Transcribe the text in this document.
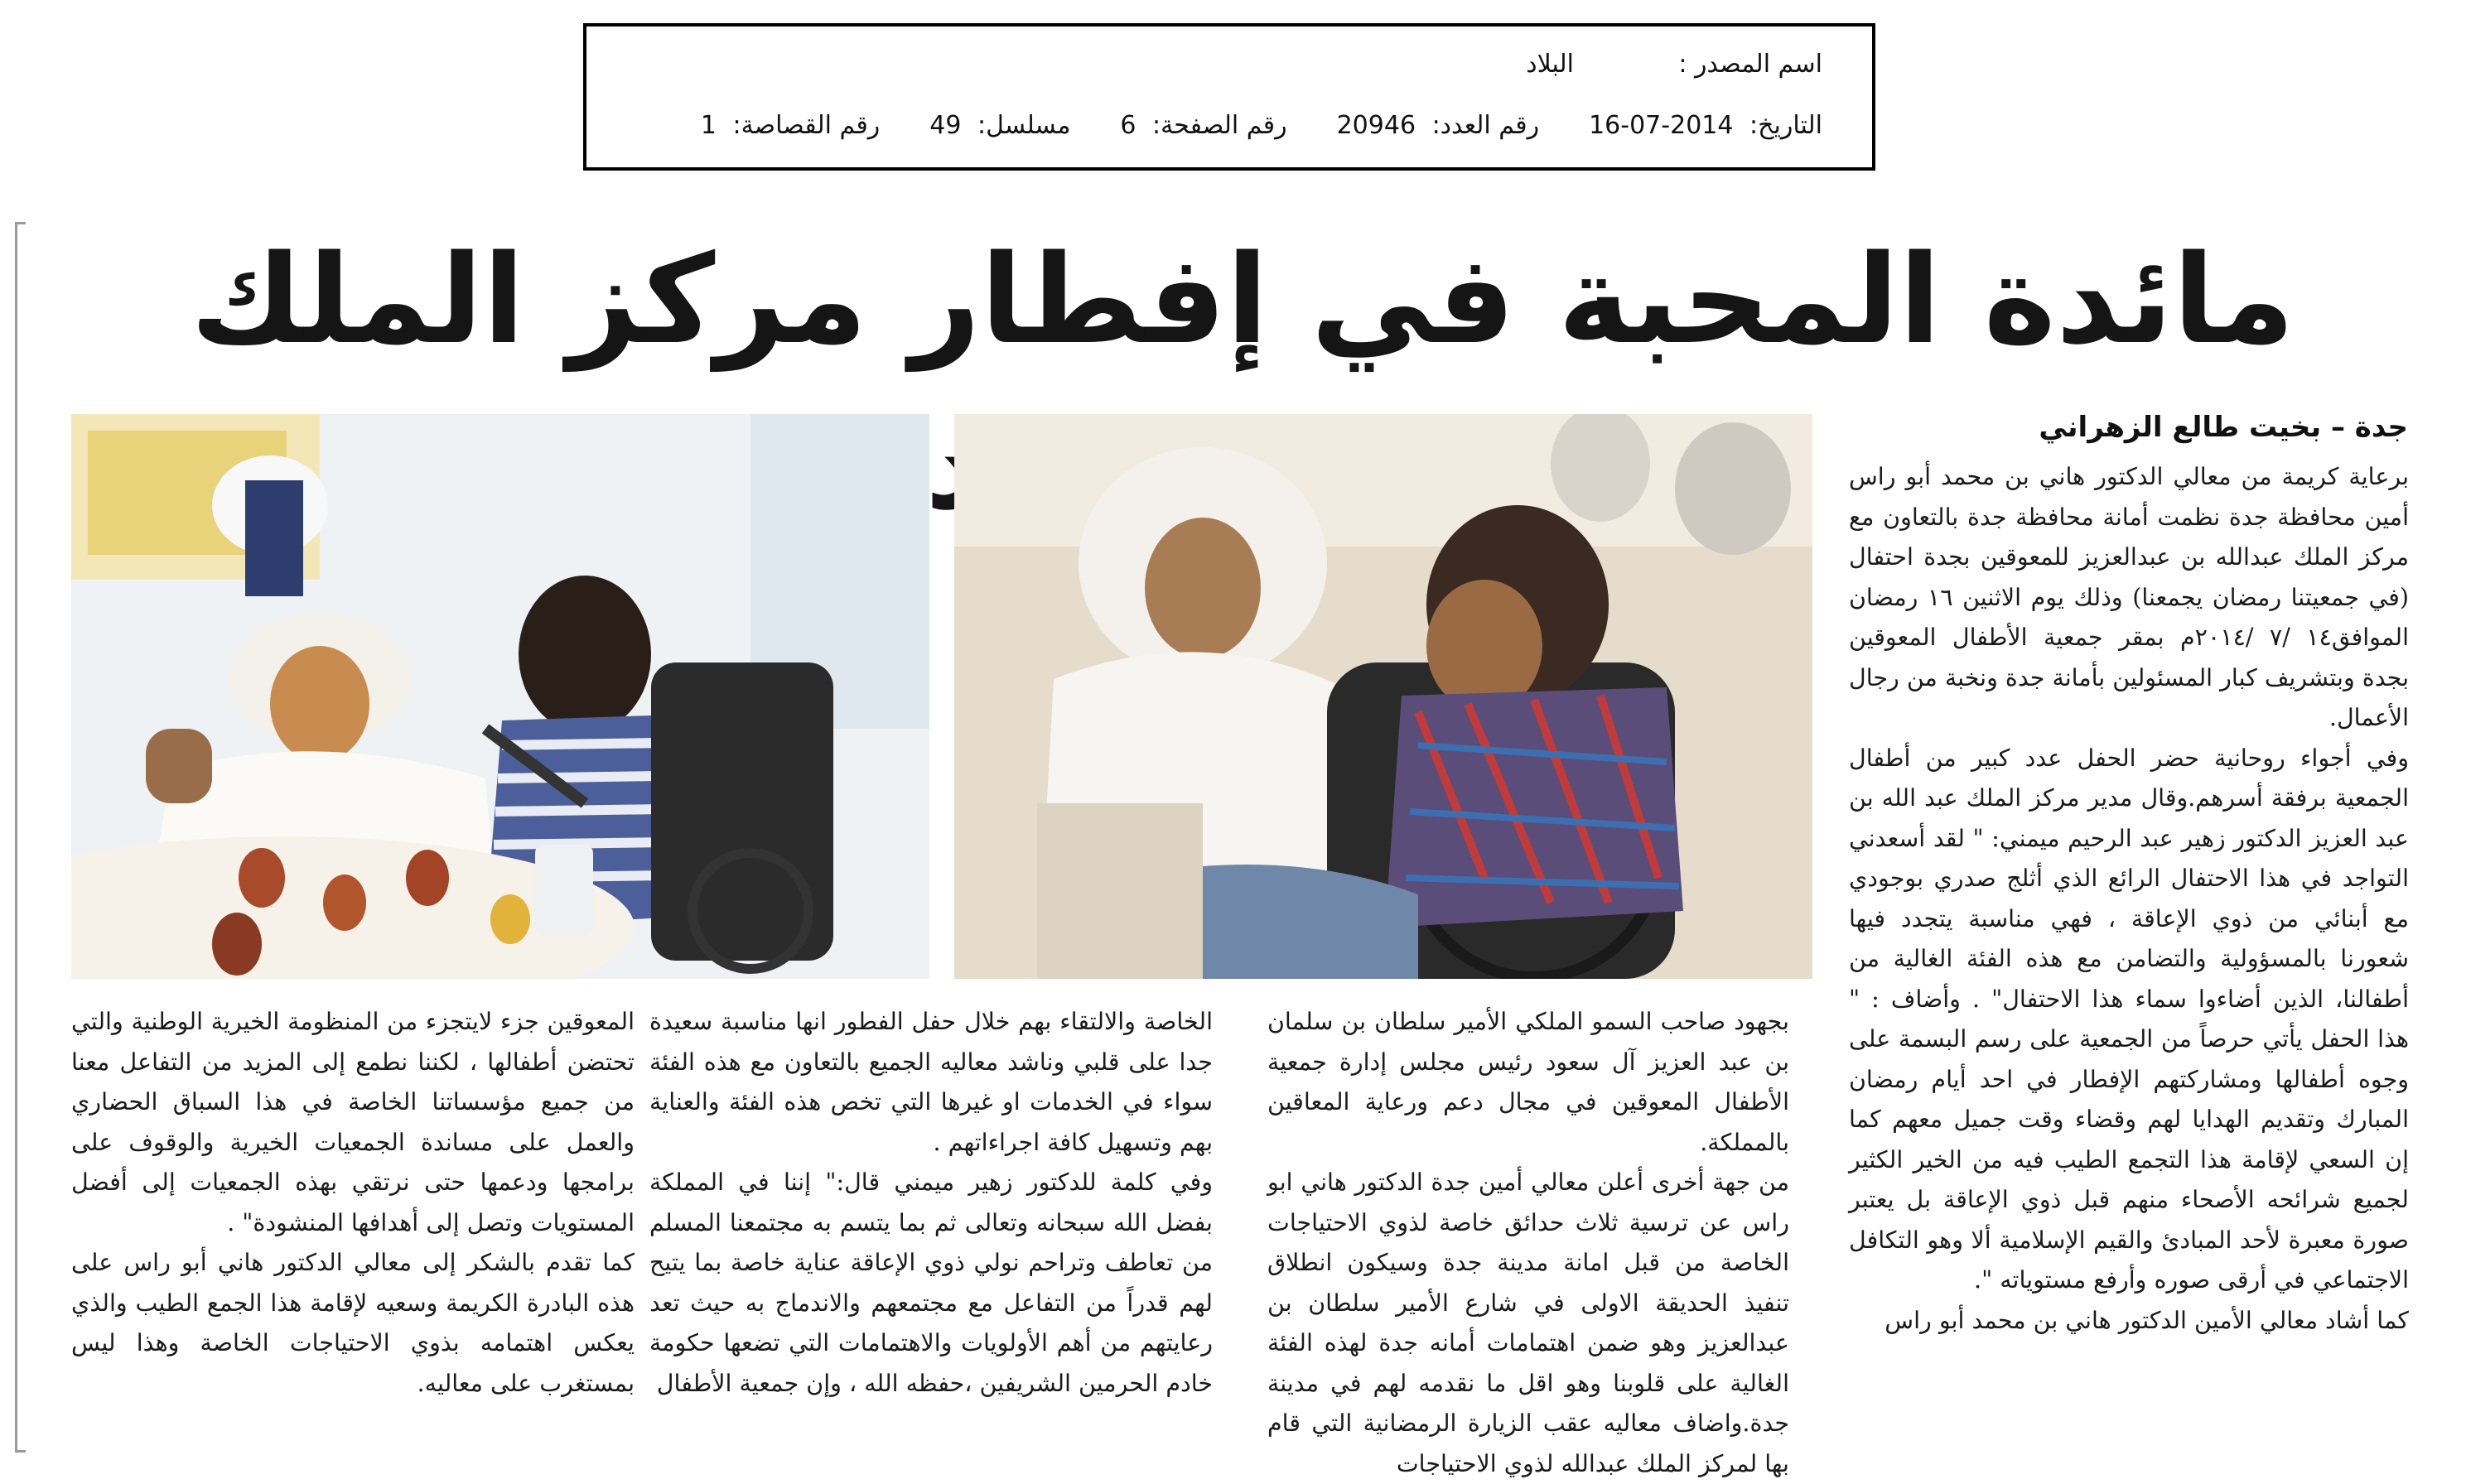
اسم المصدر :
البلاد
التاريخ: 2014-07-16
رقم العدد: 20946
رقم الصفحة: 6
مسلسل: 49
رقم القصاصة: 1
مائدة المحبة في إفطار مركز الملك
جدة – بخيت طالع الزهراني

برعاية كريمة من معالي الدكتور هاني بن محمد أبو راس أمين محافظة جدة نظمت أمانة محافظة جدة بالتعاون مع مركز الملك عبدالله بن عبدالعزيز للمعوقين بجدة احتفال (في جمعيتنا رمضان يجمعنا) وذلك يوم الاثنين ١٦ رمضان الموافق١٤ /٧ /٢٠١٤م بمقر جمعية الأطفال المعوقين بجدة وبتشريف كبار المسئولين بأمانة جدة ونخبة من رجال الأعمال.

وفي أجواء روحانية حضر الحفل عدد كبير من أطفال الجمعية برفقة أسرهم.وقال مدير مركز الملك عبد الله بن عبد العزيز الدكتور زهير عبد الرحيم ميمني: " لقد أسعدني التواجد في هذا الاحتفال الرائع الذي أثلج صدري بوجودي مع أبنائي من ذوي الإعاقة ، فهي مناسبة يتجدد فيها شعورنا بالمسؤولية والتضامن مع هذه الفئة الغالية من أطفالنا، الذين أضاءوا سماء هذا الاحتفال" . وأضاف : " هذا الحفل يأتي حرصاً من الجمعية على رسم البسمة على وجوه أطفالها ومشاركتهم الإفطار في احد أيام رمضان المبارك وتقديم الهدايا لهم وقضاء وقت جميل معهم كما إن السعي لإقامة هذا التجمع الطيب فيه من الخير الكثير لجميع شرائحه الأصحاء منهم قبل ذوي الإعاقة بل يعتبر صورة معبرة لأحد المبادئ والقيم الإسلامية ألا وهو التكافل الاجتماعي في أرقى صوره وأرفع مستوياته ".

كما أشاد معالي الأمين الدكتور هاني بن محمد أبو راس

بجهود صاحب السمو الملكي الأمير سلطان بن سلمان بن عبد العزيز آل سعود رئيس مجلس إدارة جمعية الأطفال المعوقين في مجال دعم ورعاية المعاقين بالمملكة.

من جهة أخرى أعلن معالي أمين جدة الدكتور هاني ابو راس عن ترسية ثلاث حدائق خاصة لذوي الاحتياجات الخاصة من قبل امانة مدينة جدة وسيكون انطلاق تنفيذ الحديقة الاولى في شارع الأمير سلطان بن عبدالعزيز وهو ضمن اهتمامات أمانه جدة لهذه الفئة الغالية على قلوبنا وهو اقل ما نقدمه لهم في مدينة جدة.واضاف معاليه عقب الزيارة الرمضانية التي قام بها لمركز الملك عبدالله لذوي الاحتياجات

الخاصة والالتقاء بهم خلال حفل الفطور انها مناسبة سعيدة جدا على قلبي وناشد معاليه الجميع بالتعاون مع هذه الفئة سواء في الخدمات او غيرها التي تخص هذه الفئة والعناية بهم وتسهيل كافة اجراءاتهم .

وفي كلمة للدكتور زهير ميمني قال:" إننا في المملكة بفضل الله سبحانه وتعالى ثم بما يتسم به مجتمعنا المسلم من تعاطف وتراحم نولي ذوي الإعاقة عناية خاصة بما يتيح لهم قدراً من التفاعل مع مجتمعهم والاندماج به حيث تعد رعايتهم من أهم الأولويات والاهتمامات التي تضعها حكومة خادم الحرمين الشريفين ،حفظه الله ، وإن جمعية الأطفال

المعوقين جزء لايتجزء من المنظومة الخيرية الوطنية والتي تحتضن أطفالها ، لكننا نطمع إلى المزيد من التفاعل معنا من جميع مؤسساتنا الخاصة في هذا السباق الحضاري والعمل على مساندة الجمعيات الخيرية والوقوف على برامجها ودعمها حتى نرتقي بهذه الجمعيات إلى أفضل المستويات وتصل إلى أهدافها المنشودة" .

كما تقدم بالشكر إلى معالي الدكتور هاني أبو راس على هذه البادرة الكريمة وسعيه لإقامة هذا الجمع الطيب والذي يعكس اهتمامه بذوي الاحتياجات الخاصة وهذا ليس بمستغرب على معاليه.
